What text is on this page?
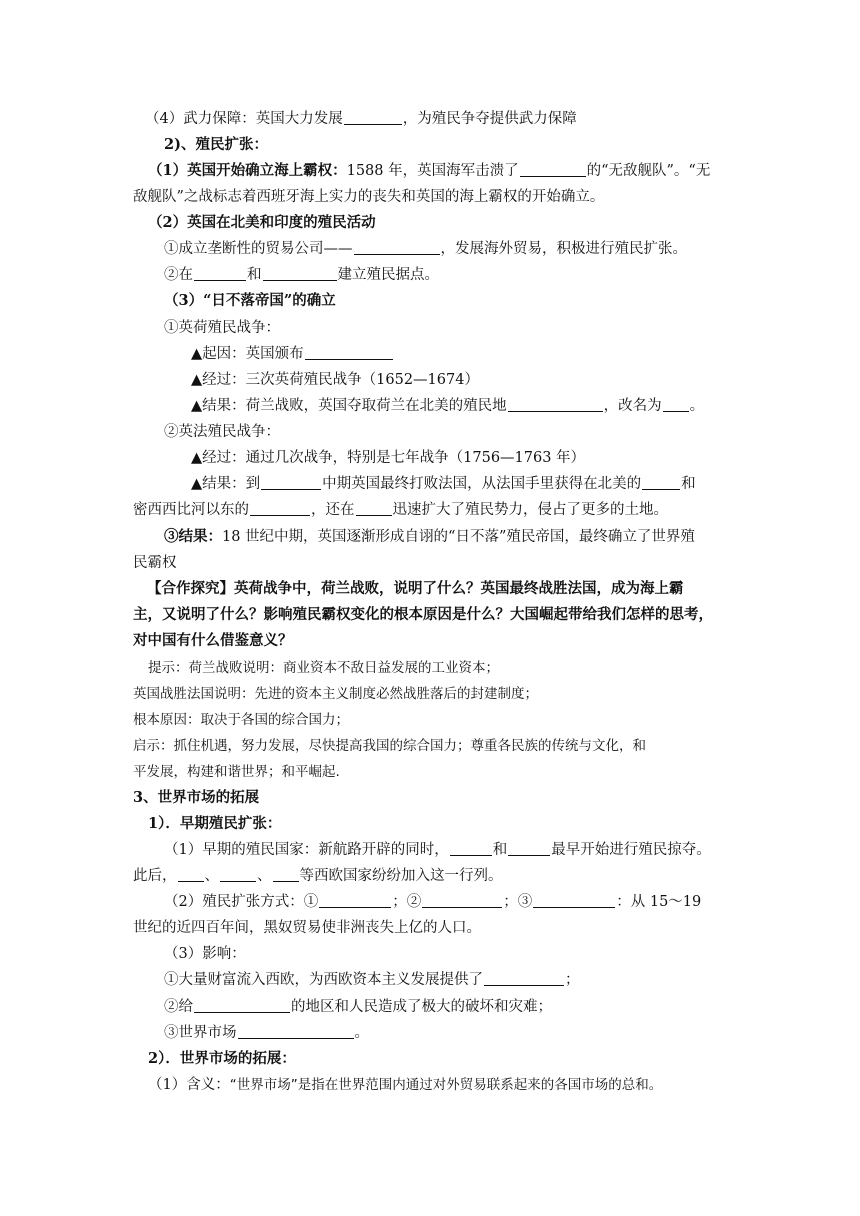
（4）武力保障：英国大力发展	，为殖民争夺提供武力保障
2)、殖民扩张：
（1）英国开始确立海上霸权：1588 年，英国海军击溃了	的“无敌舰队”。“无
敌舰队”之战标志着西班牙海上实力的丧失和英国的海上霸权的开始确立。
（2）英国在北美和印度的殖民活动
①成立垄断性的贸易公司——	，发展海外贸易，积极进行殖民扩张。
②在	和	建立殖民据点。
（3）“日不落帝国”的确立
①英荷殖民战争：
▲起因：英国颁布
▲经过：三次英荷殖民战争（1652—1674）
▲结果：荷兰战败，英国夺取荷兰在北美的殖民地	，改名为 。
②英法殖民战争：
▲经过：通过几次战争，特别是七年战争（1756—1763 年）
▲结果：到	中期英国最终打败法国，从法国手里获得在北美的	和
密西西比河以东的	，还在	迅速扩大了殖民势力，侵占了更多的土地。
③结果：18 世纪中期，英国逐渐形成自诩的“日不落”殖民帝国，最终确立了世界殖
民霸权
【合作探究】英荷战争中，荷兰战败，说明了什么？英国最终战胜法国，成为海上霸
主，又说明了什么？影响殖民霸权变化的根本原因是什么？大国崛起带给我们怎样的思考，
对中国有什么借鉴意义？
提示：荷兰战败说明：商业资本不敌日益发展的工业资本；
英国战胜法国说明：先进的资本主义制度必然战胜落后的封建制度；
根本原因：取决于各国的综合国力；
启示：抓住机遇，努力发展，尽快提高我国的综合国力；尊重各民族的传统与文化，和
平发展，构建和谐世界；和平崛起.
3、世界市场的拓展
1）．早期殖民扩张：
（1）早期的殖民国家：新航路开辟的同时，	和	最早开始进行殖民掠夺。
此后， 、	、 等西欧国家纷纷加入这一行列。
（2）殖民扩张方式：①	；②	；③	：从 15～19
世纪的近四百年间，黑奴贸易使非洲丧失上亿的人口。
（3）影响：
①大量财富流入西欧，为西欧资本主义发展提供了	；
②给	的地区和人民造成了极大的破坏和灾难；
③世界市场	。
2）．世界市场的拓展：
（1）含义：“世界市场”是指在世界范围内通过对外贸易联系起来的各国市场的总和。
